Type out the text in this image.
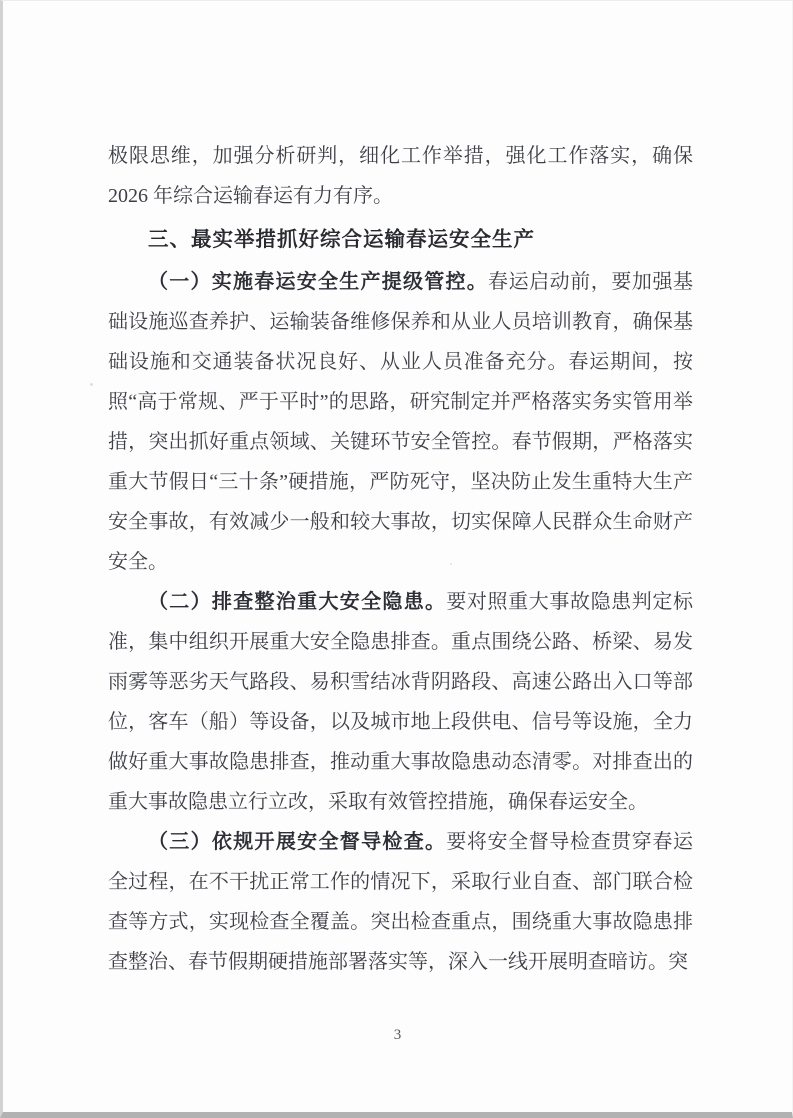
极限思维，加强分析研判，细化工作举措，强化工作落实，确保 2026 年综合运输春运有力有序。

三、最实举措抓好综合运输春运安全生产

（一）实施春运安全生产提级管控。春运启动前，要加强基础设施巡查养护、运输装备维修保养和从业人员培训教育，确保基础设施和交通装备状况良好、从业人员准备充分。春运期间，按照“高于常规、严于平时”的思路，研究制定并严格落实务实管用举措，突出抓好重点领域、关键环节安全管控。春节假期，严格落实重大节假日“三十条”硬措施，严防死守，坚决防止发生重特大生产安全事故，有效减少一般和较大事故，切实保障人民群众生命财产安全。

（二）排查整治重大安全隐患。要对照重大事故隐患判定标准，集中组织开展重大安全隐患排查。重点围绕公路、桥梁、易发雨雾等恶劣天气路段、易积雪结冰背阴路段、高速公路出入口等部位，客车（船）等设备，以及城市地上段供电、信号等设施，全力做好重大事故隐患排查，推动重大事故隐患动态清零。对排查出的重大事故隐患立行立改，采取有效管控措施，确保春运安全。

（三）依规开展安全督导检查。要将安全督导检查贯穿春运全过程，在不干扰正常工作的情况下，采取行业自查、部门联合检查等方式，实现检查全覆盖。突出检查重点，围绕重大事故隐患排查整治、春节假期硬措施部署落实等，深入一线开展明查暗访。突

3
